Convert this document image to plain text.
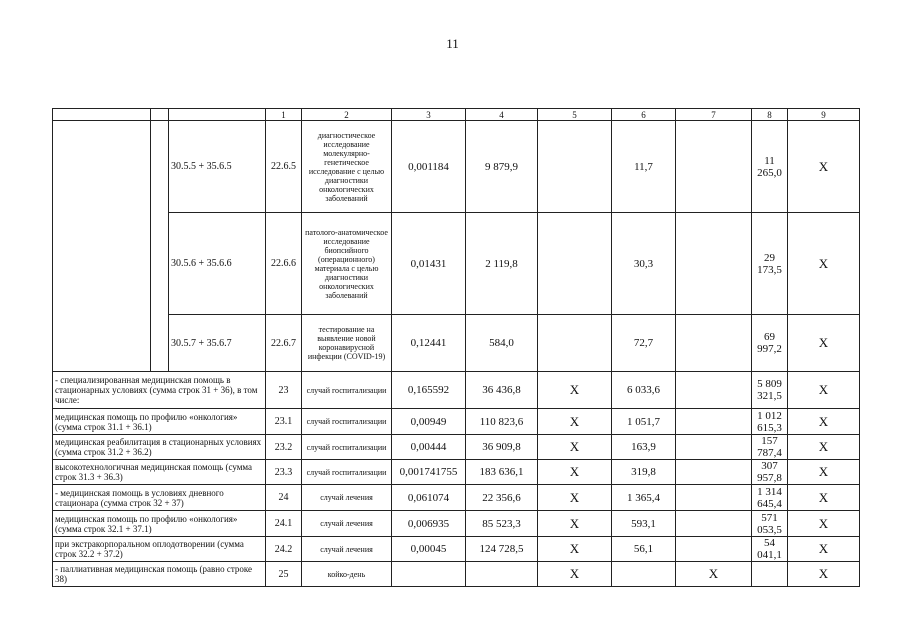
11
			1	2	3	4	5	6	7	8	9
		30.5.5 + 35.6.5	22.6.5	диагностическое исследование молекулярно-генетическое исследование с целью диагностики онкологических заболеваний	0,001184	9 879,9		11,7		11 265,0	X
		30.5.6 + 35.6.6	22.6.6	патолого-анатомическое исследование биопсийного (операционного) материала с целью диагностики онкологических заболеваний	0,01431	2 119,8		30,3		29 173,5	X
		30.5.7 + 35.6.7	22.6.7	тестирование на выявление новой коронавирусной инфекции (COVID-19)	0,12441	584,0		72,7		69 997,2	X
- специализированная медицинская помощь в стационарных условиях (сумма строк 31 + 36), в том числе:			23	случай госпитализации	0,165592	36 436,8	X	6 033,6		5 809 321,5	X
медицинская помощь по профилю «онкология» (сумма строк 31.1 + 36.1)			23.1	случай госпитализации	0,00949	110 823,6	X	1 051,7		1 012 615,3	X
медицинская реабилитация в стационарных условиях (сумма строк 31.2 + 36.2)			23.2	случай госпитализации	0,00444	36 909,8	X	163,9		157 787,4	X
высокотехнологичная медицинская помощь (сумма строк 31.3 + 36.3)			23.3	случай госпитализации	0,001741755	183 636,1	X	319,8		307 957,8	X
- медицинская помощь в условиях дневного стационара (сумма строк 32 + 37)			24	случай лечения	0,061074	22 356,6	X	1 365,4		1 314 645,4	X
медицинская помощь по профилю «онкология» (сумма строк 32.1 + 37.1)			24.1	случай лечения	0,006935	85 523,3	X	593,1		571 053,5	X
при экстракорпоральном оплодотворении (сумма строк 32.2 + 37.2)			24.2	случай лечения	0,00045	124 728,5	X	56,1		54 041,1	X
- паллиативная медицинская помощь (равно строке 38)			25	койко-день			X		X		X
